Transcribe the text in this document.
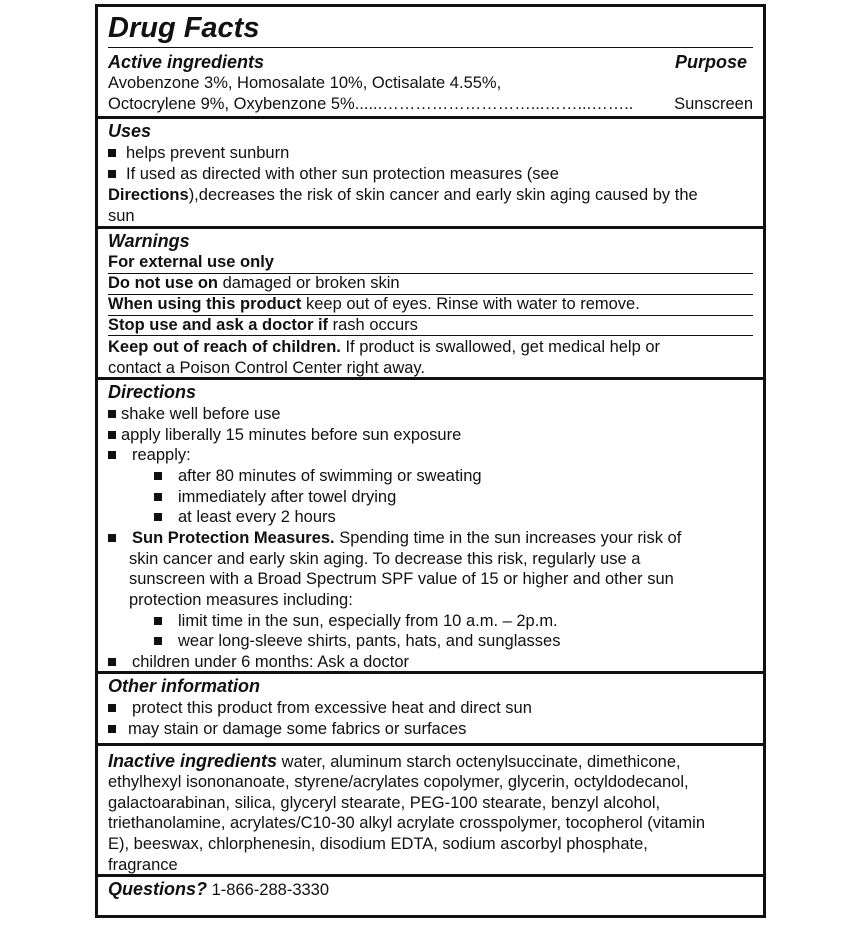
Drug Facts
Active ingredients	Purpose
Avobenzone 3%, Homosalate 10%, Octisalate 4.55%,
Octocrylene 9%, Oxybenzone 5%......………………………...……...……..	Sunscreen
Uses
helps prevent sunburn
If used as directed with other sun protection measures (see
Directions),decreases the risk of skin cancer and early skin aging caused by the
sun
Warnings
For external use only
Do not use on damaged or broken skin
When using this product keep out of eyes. Rinse with water to remove.
Stop use and ask a doctor if rash occurs
Keep out of reach of children. If product is swallowed, get medical help or
contact a Poison Control Center right away.
Directions
shake well before use
apply liberally 15 minutes before sun exposure
reapply:
after 80 minutes of swimming or sweating
immediately after towel drying
at least every 2 hours
Sun Protection Measures. Spending time in the sun increases your risk of
skin cancer and early skin aging. To decrease this risk, regularly use a
sunscreen with a Broad Spectrum SPF value of 15 or higher and other sun
protection measures including:
limit time in the sun, especially from 10 a.m. – 2p.m.
wear long-sleeve shirts, pants, hats, and sunglasses
children under 6 months: Ask a doctor
Other information
protect this product from excessive heat and direct sun
may stain or damage some fabrics or surfaces
Inactive ingredients water, aluminum starch octenylsuccinate, dimethicone,
ethylhexyl isononanoate, styrene/acrylates copolymer, glycerin, octyldodecanol,
galactoarabinan, silica, glyceryl stearate, PEG-100 stearate, benzyl alcohol,
triethanolamine, acrylates/C10-30 alkyl acrylate crosspolymer, tocopherol (vitamin
E), beeswax, chlorphenesin, disodium EDTA, sodium ascorbyl phosphate,
fragrance
Questions? 1-866-288-3330
